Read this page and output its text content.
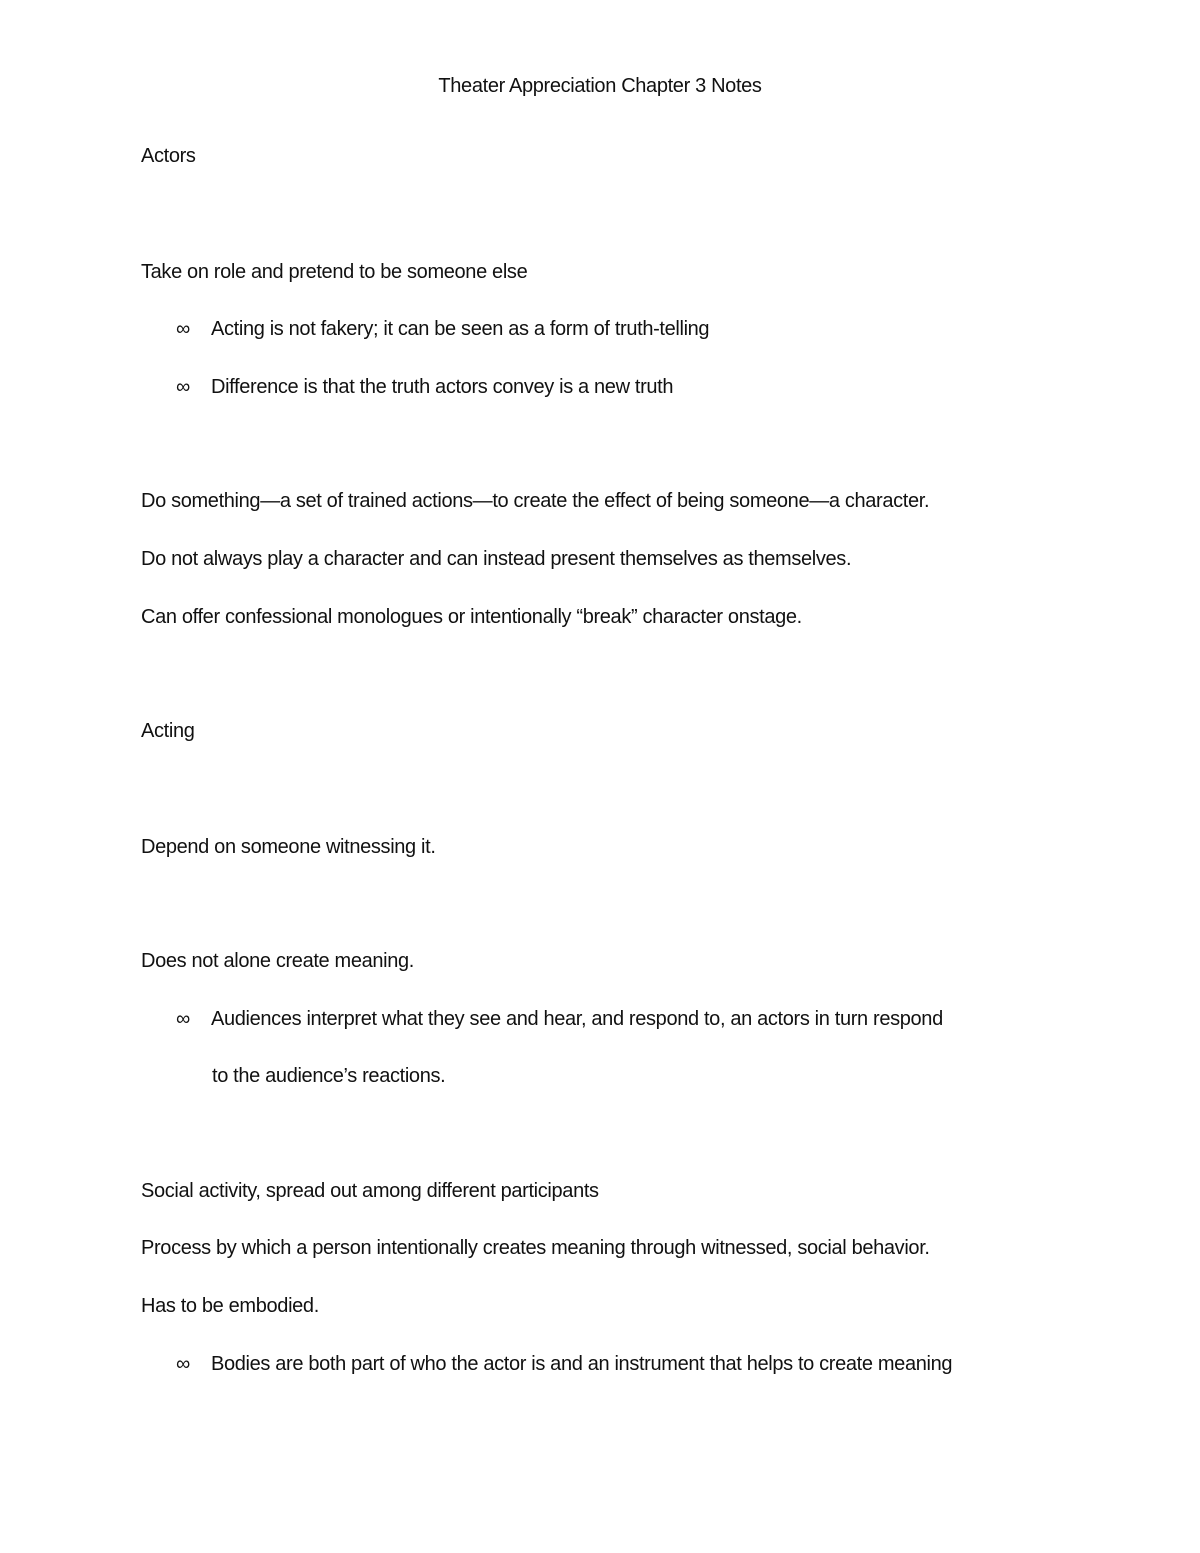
Theater Appreciation Chapter 3 Notes
Actors
Take on role and pretend to be someone else
∞ Acting is not fakery; it can be seen as a form of truth-telling
∞ Difference is that the truth actors convey is a new truth
Do something—a set of trained actions—to create the effect of being someone—a character.
Do not always play a character and can instead present themselves as themselves.
Can offer confessional monologues or intentionally “break” character onstage.
Acting
Depend on someone witnessing it.
Does not alone create meaning.
∞ Audiences interpret what they see and hear, and respond to, an actors in turn respond
to the audience’s reactions.
Social activity, spread out among different participants
Process by which a person intentionally creates meaning through witnessed, social behavior.
Has to be embodied.
∞ Bodies are both part of who the actor is and an instrument that helps to create meaning
